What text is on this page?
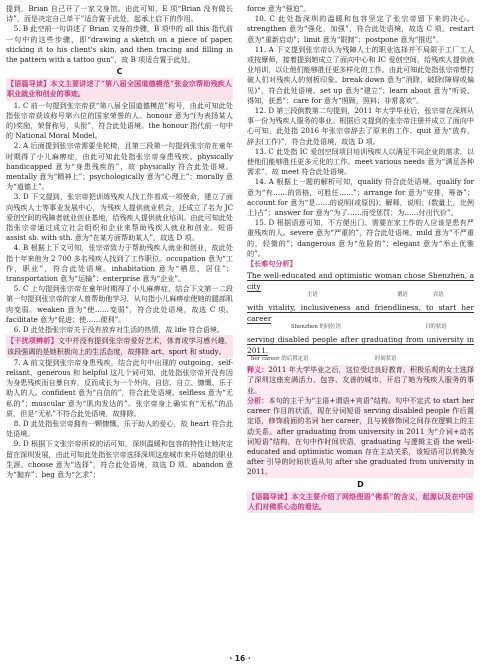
提到，Brian 自己开了一家文身馆。由此可知，E 项“Brian 没有做长诗”，而是决定自己单干”适合置于此处，起承上启下的作用。

5. B 此空前一句讲述了 Brian 文身的步骤，B 项中的 all this 指代前一句中的这些步骤，即“drawing a sketch on a piece of paper, sticking it to his client's skin, and then tracing and filling in the pattern with a tattoo gun”，故 B 项适合置于此处。

C

【语篇导读】本文主要讲述了“第八届全国道德模范”张金宗帮助残疾人职业就业和创业的事迹。

1. C 前一句提到张宗帝获“第八届全国道德模范”称号，由此可知此处指张宗帝获该称号第六位的国家荣誉的人。honour 意为“(为表扬某人的)奖励，荣誉称号，头衔”，符合此处语境。the honour 指代前一句中的 National Moral Model。

2. A 后面提到张宗帝需要坐轮椅，且第三段第一句提到张宗帝在童年时期得了小儿麻痹症，由此可知此处指张宗帝身患残疾。physically handicapped 意为“身患残疾的”，故 physically 符合此处语境。mentally 意为“精神上”；psychologically 意为“心理上”；morally 意为“道德上”。

3. D 下文提到，张宗帝把训练残疾人找工作看成一项使命，建立了面向残疾人士等事业发展中心，为残疾人提供就业机会，还成立了名为 JC 爱创空间的残障者就业创业基地，给残疾人提供就业培训。由此可知此处指张宗帝通过成立社会组织和企业来帮助残疾人就业和创业。短语 assist sb. with sth. 意为“在某方面帮助某人”，故选 D 项。

4. B 根据上下文可知，张宗帝致力于帮助残疾人就业和创业，故此处指十年来他为 2 700 多名残疾人找到了工作职位。occupation 意为“工作，职业”，符合此处语境。inhabitation 意为“栖息，居住”；transportation 意为“运输”；enterprise 意为“企业”。

5. C 上句提到张宗帝在童年时期得了小儿麻痹症，结合下文第一二段第一句提到张宗帝的家人曾帮助他学习，从句指小儿麻痹症使她的腿部肌肉变弱。weaken 意为“使……变弱”，符合此处语境，故选 C 项。facilitate 意为“促进；使……便利”。

6. D 此处指张宗帝关于没有放弃对生活的热情，故 life 符合语境。

【干扰项辨析】文中并没有提到张宗帝爱好艺术，体育或学习感兴趣，该段强调的是她积极向上的生活态度，故排除 art、sport 和 study。

7. A 前文提到张宗帝身患残疾，结合此句中出现的 outgoing、self-reliant、generous 和 helpful 这几个词可知，此处指张宗帝并没有因为身患残疾而自暴自弃，反而成长为一个外向、自信、自立、慷慨、乐于助人的人。confident 意为“自信的”，符合此处语境。selfless 意为“无私的”；muscular 意为“肌肉发达的”。张宗帝身上确实有“无私”的品质，但是“无私”不符合此处语境，故排除。

8. D 此处指张宗帝拥有一颗慷慨、乐于助人的爱心，故 heart 符合此处语境。

9. D 根据下文张宗帝所说的话可知，深圳温暖和包容的特性让她决定留在深圳发展，由此可知此处指张宗帝选择深圳这座城市来开始她的职业生涯。choose 意为“选择”，符合此处语境，故选 D 项。abandon 意为“抛弃”；beg 意为“乞求”；

force 意为“强迫”。

10. C 此处指深圳的温暖和包容坚定了张宗帝留下来的决心。strengthen 意为“强化，加强”，符合此处语境，故选 C 项。restart 意为“重新启动”；limit 意为“限制”；postpone 意为“推迟”。

11. A 下文提到张宗帝认为残障人士的职业选择并不局限于工厂工人或按摩师，接着提到她成立了面向中心和 IC 爱创空间，给残疾人提供就业培训，以让他们能够胜任更多样化的工作。由此可知此处指张宗帝想打破人们对残疾人的刻板印象。break down 意为“消除，破除(障碍或偏见)”，符合此处语境。set up 意为“建立”；learn about 意为“听说，得知，获悉”；care for 意为“照顾，照料；非常喜欢”。

12. D 第三段倒数第二句提到，2011 年大学毕业后，张宗帝在深圳从事一份为残疾人服务的事业。根据后文提到的张宗帝注册并成立了面向中心可知，此处指 2016 年张宗帝辞去了原来的工作。quit 意为“放弃，辞去(工作)”，符合此处语境，故选 D 项。

13. C 此处指 IC 爱创空间项目培训残疾人以满足不同企业的需求，以使他们能够胜任更多元化的工作。meet various needs 意为“满足各种需求”，故 meet 符合此处语境。

14. A 根据上一题的解析可知，qualify 符合此处语境。qualify for 意为“有……的资格，可胜任……”；arrange for 意为“安排，筹备”；account for 意为“是……的说明(或原因)；解释，说明；(数量上，比例上)占”；answer for 意为“为了……而受惩罚；为……付出代价”。

15. D 根据语意可知，不方便出门、需要在家工作的人应该是患有严重残疾的人。severe 意为“严重的”，符合此处语境。mild 意为“不严重的，轻微的”；dangerous 意为“危险的”；elegant 意为“举止优雅的”。

【长难句分析】

The well-educated and optimistic woman chose Shenzhen, a city
主语	谓语	宾语
with vitality, inclusiveness and friendliness, to start her career
Shenzhen 的同位语	目的状语
serving disabled people after graduating from university in 2011.
her career 的后置定语	时间状语

释义：2011 年大学毕业之后，这位受过良好教育、积极乐观的女士选择了深圳这座充满活力、包容、友善的城市，开启了她为残疾人服务的事业。

分析：本句的主干为“主语+谓语+宾语”结构。句中不定式 to start her career 作目的状语，现在分词短语 serving disabled people 作后置定语，修饰前面的名词 her career，且与被修饰词之间存在逻辑上的主动关系。after graduating from university in 2011 为“介词+动名词短语”结构，在句中作时间状语，graduating 与逻辑主语 the well-educated and optimistic woman 存在主动关系，该短语可以转换为 after 引导的时间状语从句 after she graduated from university in 2011。

D

【语篇导读】本文主要介绍了网络俚语“佛系”的含义，起源以及在中国人们对佛系心态的看法。

· 16 ·
